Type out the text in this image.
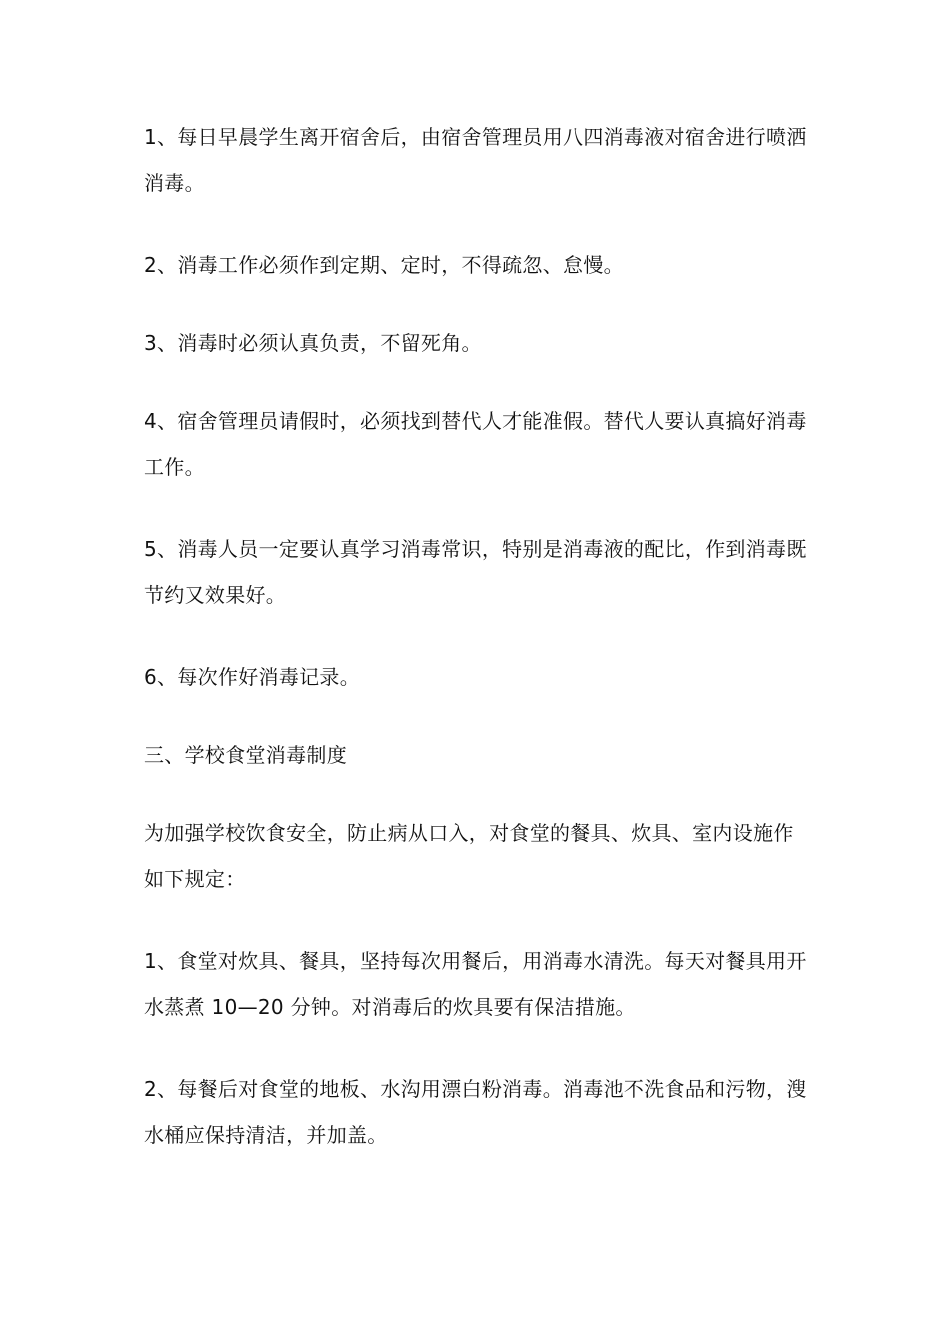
1、每日早晨学生离开宿舍后，由宿舍管理员用八四消毒液对宿舍进行喷洒消毒。

2、消毒工作必须作到定期、定时，不得疏忽、怠慢。

3、消毒时必须认真负责，不留死角。

4、宿舍管理员请假时，必须找到替代人才能准假。替代人要认真搞好消毒工作。

5、消毒人员一定要认真学习消毒常识，特别是消毒液的配比，作到消毒既节约又效果好。

6、每次作好消毒记录。

三、学校食堂消毒制度

为加强学校饮食安全，防止病从口入，对食堂的餐具、炊具、室内设施作如下规定：

1、食堂对炊具、餐具，坚持每次用餐后，用消毒水清洗。每天对餐具用开水蒸煮 10—20 分钟。对消毒后的炊具要有保洁措施。

2、每餐后对食堂的地板、水沟用漂白粉消毒。消毒池不洗食品和污物，溲水桶应保持清洁，并加盖。
